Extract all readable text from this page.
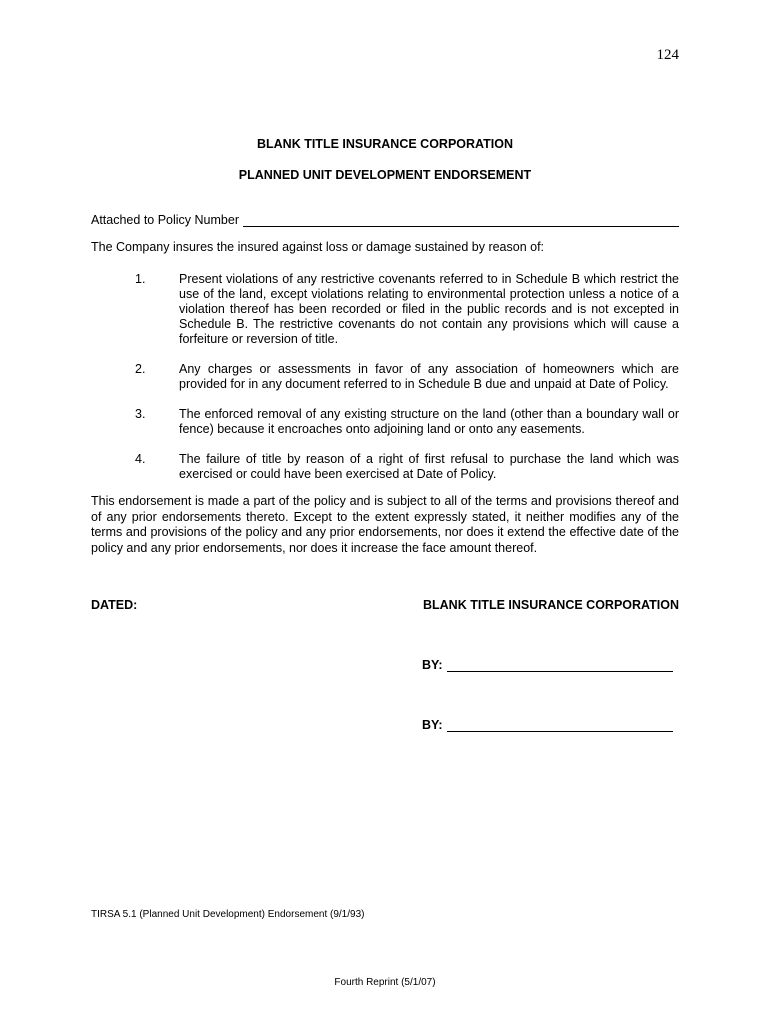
124
BLANK TITLE INSURANCE CORPORATION
PLANNED UNIT DEVELOPMENT ENDORSEMENT
Attached to Policy Number
The Company insures the insured against loss or damage sustained by reason of:
1.	Present violations of any restrictive covenants referred to in Schedule B which restrict the use of the land, except violations relating to environmental protection unless a notice of a violation thereof has been recorded or filed in the public records and is not excepted in Schedule B. The restrictive covenants do not contain any provisions which will cause a forfeiture or reversion of title.
2.	Any charges or assessments in favor of any association of homeowners which are provided for in any document referred to in Schedule B due and unpaid at Date of Policy.
3.	The enforced removal of any existing structure on the land (other than a boundary wall or fence) because it encroaches onto adjoining land or onto any easements.
4.	The failure of title by reason of a right of first refusal to purchase the land which was exercised or could have been exercised at Date of Policy.

This endorsement is made a part of the policy and is subject to all of the terms and provisions thereof and of any prior endorsements thereto. Except to the extent expressly stated, it neither modifies any of the terms and provisions of the policy and any prior endorsements, nor does it extend the effective date of the policy and any prior endorsements, nor does it increase the face amount thereof.

DATED:	BLANK TITLE INSURANCE CORPORATION
BY:
BY:
TIRSA 5.1 (Planned Unit Development) Endorsement (9/1/93)
Fourth Reprint (5/1/07)
